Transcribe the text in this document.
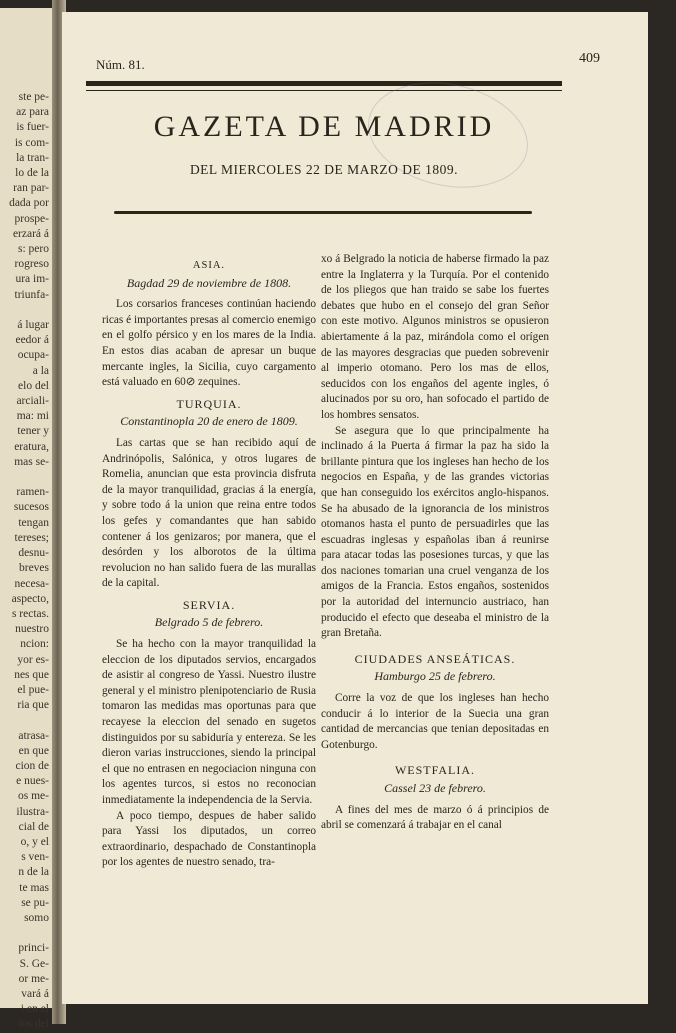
ste pe-
az para
is fuer-
is com-
la tran-
lo de la
ran par-
dada por
prospe-
erzará á
s: pero
rogreso
ura im-
triunfa-

á lugar
eedor á
ocupa-
a la
elo del
arciali-
ma: mi
tener y
eratura,
mas se-

ramen-
sucesos
tengan
tereses;
desnu-
breves
necesa-
aspecto,
s rectas.
nuestro
ncion:
yor es-
nes que
el pue-
ria que

atrasa-
en que
cion de
e nues-
os me-
ilustra-
cial de
o, y el
s ven-
n de la
te mas
se pu-
somo

princi-
S. Ge-
or me-
vará á
i en el
tos del
Núm. 81.	409
GAZETA DE MADRID
DEL MIERCOLES 22 DE MARZO DE 1809.
ASIA.
Bagdad 29 de noviembre de 1808.

Los corsarios franceses continúan haciendo ricas é importantes presas al comercio enemigo en el golfo pérsico y en los mares de la India. En estos dias acaban de apresar un buque mercante ingles, la Sicilia, cuyo cargamento está valuado en 60⊘ zequines.

TURQUIA.
Constantinopla 20 de enero de 1809.

Las cartas que se han recibido aquí de Andrinópolis, Salónica, y otros lugares de Romelia, anuncian que esta provincia disfruta de la mayor tranquilidad, gracias á la energía, y sobre todo á la union que reina entre todos los gefes y comandantes que han sabido contener á los genizaros; por manera, que el desórden y los alborotos de la última revolucion no han salido fuera de las murallas de la capital.

SERVIA.
Belgrado 5 de febrero.

Se ha hecho con la mayor tranquilidad la eleccion de los diputados servios, encargados de asistir al congreso de Yassi. Nuestro ilustre general y el ministro plenipotenciario de Rusia tomaron las medidas mas oportunas para que recayese la eleccion del senado en sugetos distinguidos por su sabiduría y entereza. Se les dieron varias instrucciones, siendo la principal el que no entrasen en negociacion ninguna con los agentes turcos, si estos no reconocian inmediatamente la independencia de la Servia.

A poco tiempo, despues de haber salido para Yassi los diputados, un correo extraordinario, despachado de Constantinopla por los agentes de nuestro senado, tra-

xo á Belgrado la noticia de haberse firmado la paz entre la Inglaterra y la Turquía. Por el contenido de los pliegos que han traido se sabe los fuertes debates que hubo en el consejo del gran Señor con este motivo. Algunos ministros se opusieron abiertamente á la paz, mirándola como el orígen de las mayores desgracias que pueden sobrevenir al imperio otomano. Pero los mas de ellos, seducidos con los engaños del agente ingles, ó alucinados por su oro, han sofocado el partido de los hombres sensatos.

Se asegura que lo que principalmente ha inclinado á la Puerta á firmar la paz ha sido la brillante pintura que los ingleses han hecho de los negocios en España, y de las grandes victorias que han conseguido los exércitos anglo-hispanos. Se ha abusado de la ignorancia de los ministros otomanos hasta el punto de persuadirles que las escuadras inglesas y españolas iban á reunirse para atacar todas las posesiones turcas, y que las dos naciones tomarian una cruel venganza de los amigos de la Francia. Estos engaños, sostenidos por la autoridad del internuncio austriaco, han producido el efecto que deseaba el ministro de la gran Bretaña.

CIUDADES ANSEÁTICAS.
Hamburgo 25 de febrero.

Corre la voz de que los ingleses han hecho conducir á lo interior de la Suecia una gran cantidad de mercancias que tenian depositadas en Gotenburgo.

WESTFALIA.
Cassel 23 de febrero.

A fines del mes de marzo ó á principios de abril se comenzará á trabajar en el canal
